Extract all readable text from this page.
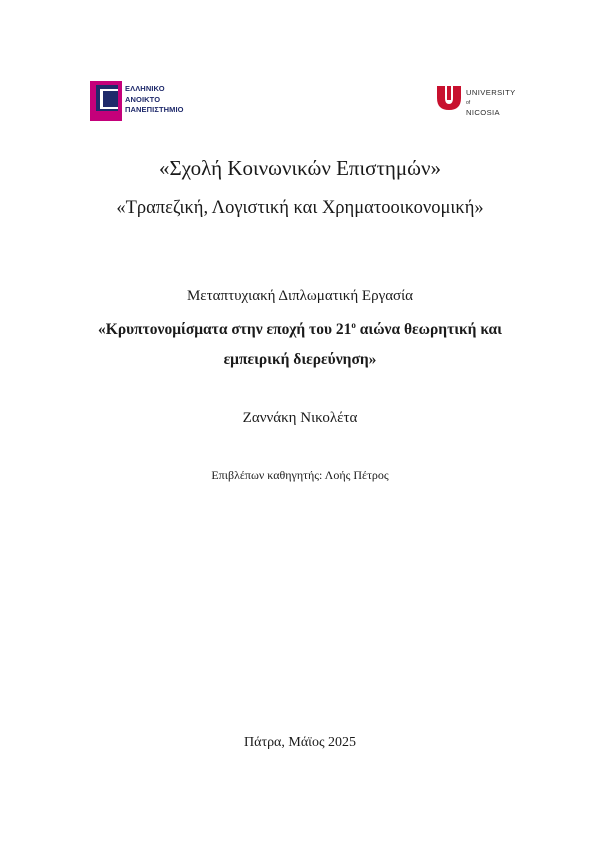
ΕΛΛΗΝΙΚΟ
ΑΝΟΙΚΤΟ
ΠΑΝΕΠΙΣΤΗΜΙΟ
UNIVERSITY
of
NICOSIA
«Σχολή Κοινωνικών Επιστημών»
«Τραπεζική, Λογιστική και Χρηματοοικονομική»
Μεταπτυχιακή Διπλωματική Εργασία
«Κρυπτονομίσματα στην εποχή του $21^o$ αιώνα θεωρητική και
εμπειρική διερεύνηση»
Ζαννάκη Νικολέτα
Επιβλέπων καθηγητής: Λοής Πέτρος
Πάτρα, Μάϊος 2025
